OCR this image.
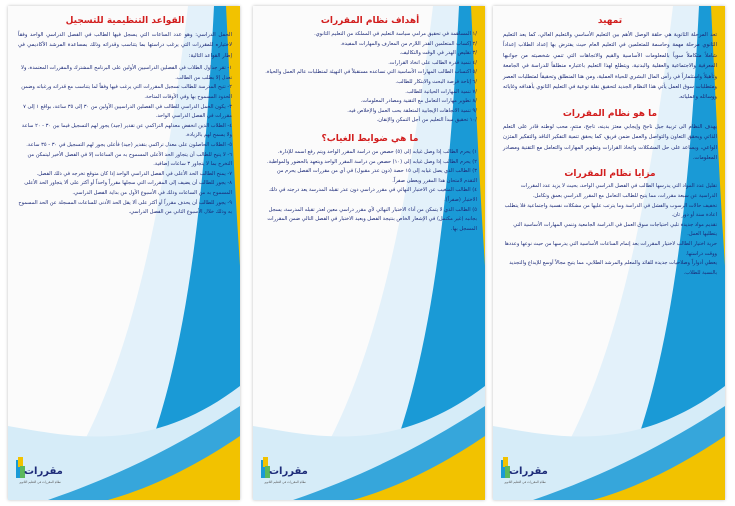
تمهيد

تعد المرحلة الثانوية هي حلقة الوصل الأهم بين التعليم الأساسي والتعليم العالي، كما يعد التعليم الثانوي مرحلة مهمة وحاسمة للمتعلمين في التعليم العام حيث يفترض بها إعداد الطلاب إعداداً شاملاً متكاملاً سوياً بالمعلومات الأساسية والقيم والاتجاهات التي تنمي شخصيته من جوانبها المعرفية والاجتماعية والعقلية والبدنية، ويتطلع لهذا التعليم باعتباره منطلقاً للدراسة في الجامعة وتأهيلاً واستثماراً في رأس المال البشري للحياة العملية، ومن هنا المنطلق وتحقيقاً لمتطلبات العصر ومتطلبات سوق العمل يأتي هذا النظام الجديد لتحقيق نقلة نوعية في التعليم الثانوي بأهدافه وغاياته ووسائله وعملياته.

ما هو نظام المقررات

يهدف النظام الى تربية جيل ناجح وإيجابي معتز بدينه، ناجح، منتمٍ، محب لوطنه قادر على التعلم الذاتي ويحقق التعاون والتواصل والعمل ضمن فريق، كما يحقق تنمية التفكير الناقد والتفكير المتزن الواعي، ويساعد على حل المشكلات واتخاذ القرارات وتطوير المهارات والتعامل مع التقنية ومصادر المعلومات.

مزايا نظام المقررات

تقليل عدد المواد التي يدرسها الطالب في الفصل الدراسي الواحد، بحيث لا يزيد عدد المقررات الدراسية عن سبعة مقررات، مما يتيح للطالب التعامل مع المقرر الدراسي بعمق وتكامل.

تخفيف حالات الرسوب والفشل في الدراسة وما يترتب عليها من مشكلات نفسية واجتماعية فلا يتطلب اعادة سنة أو دور ثان.

تقديم مواد جديدة تلبي احتياجات سوق العمل في الدراسة الجامعية وتنمي المهارات الأساسية التي يتطلبها العمل.

حرية اختيار الطالب لاختيار المقررات بعد إتمام الساعات الأساسية التي يدرسها من حيث نوعها وعددها ووقت دراستها.

يعطي أدواراً وصلاحيات جديدة للقائد والمعلم والمرشد الطلابي، مما يتيح مجالاً أوسع للإبداع والتجديد بالنسبة للطلاب.

مقررات
نظام المقررات في التعليم الثانوي

أهداف نظام المقررات

/١ المساهمة في تحقيق مرامي سياسة التعليم في المملكة من التعليم الثانوي.

/٢ إكساب المتعلمين القدر اللازم من المعارف والمهارات المفيدة.

/٣ تقليص الهدر في الوقت والتكاليف.

/٤ تنمية قدرة الطالب على اتخاذ القرارات.

/٥ اكتساب الطالب المهارات الأساسية التي تساعده مستقبلاً في التهيئة لمتطلبات عالم العمل والحياة.

/٦ إتاحة فرصة البحث والابتكار للطالب.

/٧ تنمية المهارات الحياتية للطالب.

/٨ تطوير مهارات التعامل مع التقنية ومصادر المعلومات.

/٩ تنمية الاتجاهات الإيجابية المتعلقة بحب العمل والإخلاص فيه.

/١٠ تحقيق مبدأ التعليم من أجل التمكن والإتقان.

ما هي ضوابط الغياب؟

١) يحرم الطالب إذا وصل غيابه إلى (٥) حصص من دراسة المقرر الواحد ويتم رفع اسمه للإدارة.

٢) يحرم الطالب إذا وصل غيابه إلى (١٠) حصص من دراسة المقرر الواحد ويتعهد بالحضور والمواظبة.

٣) الطالب الذي يصل غيابه إلى ١٥ حصة (دون عذر مقبول) في أي من مقررات الفصل يحرم من التقدم لامتحان هذا المقرر ويعطى صفراً.

٤) الطالب المتغيب عن الاختبار النهائي في مقرر دراسي دون عذر تقبله المدرسة يعد درجته في ذلك الاختبار (صفراً).

٥) الطالب الذي لا يتمكن من أداء الاختبار النهائي لأي مقرر دراسي معين لعذر تقبله المدرسة، يسجل بجانبه (غير مكتمل) في الإشعار الخاص بنتيجة الفصل ويعيد الاختبار في الفصل التالي ضمن المقررات المسجل بها.

مقررات
نظام المقررات في التعليم الثانوي

القواعد التنظيمية للتسجيل

الحمل الدراسي: وهو عدد الساعات التي يسجل فيها الطالب في الفصل الدراسي الواحد وفقاً لاختياره للمقررات التي يرغب دراستها بما يتناسب وقدراته وذلك بمساعدة المرشد الأكاديمي في إطار القواعد التالية:

١- تقر جداول الطلاب في الفصلين الدراسيين الأولين على البرنامج المشترك والمقررات المعتمدة، ولا تعدل إلا بطلب من الطالب.

٢- تتيح المدرسة للطالب تسجيل المقررات التي يرغب فيها وفقاً لما يتناسب مع قدراته ورغباته وضمن الحدود المسموح بها وفي الأوقات المتاحة.

٣- يكون الحمل الدراسي للطالب في الفصلين الدراسيين الأولين من ٣٠ إلى ٣٥ ساعة، بواقع ١ إلى ٧ مقررات في الفصل الدراسي الواحد.

٤- الطلاب الذين انخفض معدلهم التراكمي عن تقدير (جيد) يجوز لهم التسجيل فيما بين ٣٠ - ٢٠ ساعة ولا يسمح لهم بالزيادة.

٥- الطلاب الحاصلون على معدل تراكمي بتقدير (جيد) فأعلى يجوز لهم التسجيل في ٣٠ - ٣٥ ساعة.

٦- لا يتيح للطالب أن يتجاوز الحد الأعلى المسموح به من الساعات إلا في الفصل الأخير ليتمكن من التخرج بما لا يتجاوز ٣ ساعات إضافية.

٧- يمنح الطالب الحد الأعلى في الفصل الدراسي الواحد إذا كان متوقع تخرجه في ذلك الفصل.

٨- يجوز للطالب أن يضيف إلى المقررات التي سجلها مقرراً واحداً أو أكثر على ألا يتجاوز الحد الأعلى المسموح به من الساعات وذلك في الأسبوع الأول من بداية الفصل الدراسي.

٩- يجوز للطالب أن يحذف مقرراً أو أكثر على ألا يقل الحد الأدنى للساعات المسجلة عن الحد المسموح به وذلك خلال الأسبوع الثاني من الفصل الدراسي.

مقررات
نظام المقررات في التعليم الثانوي
